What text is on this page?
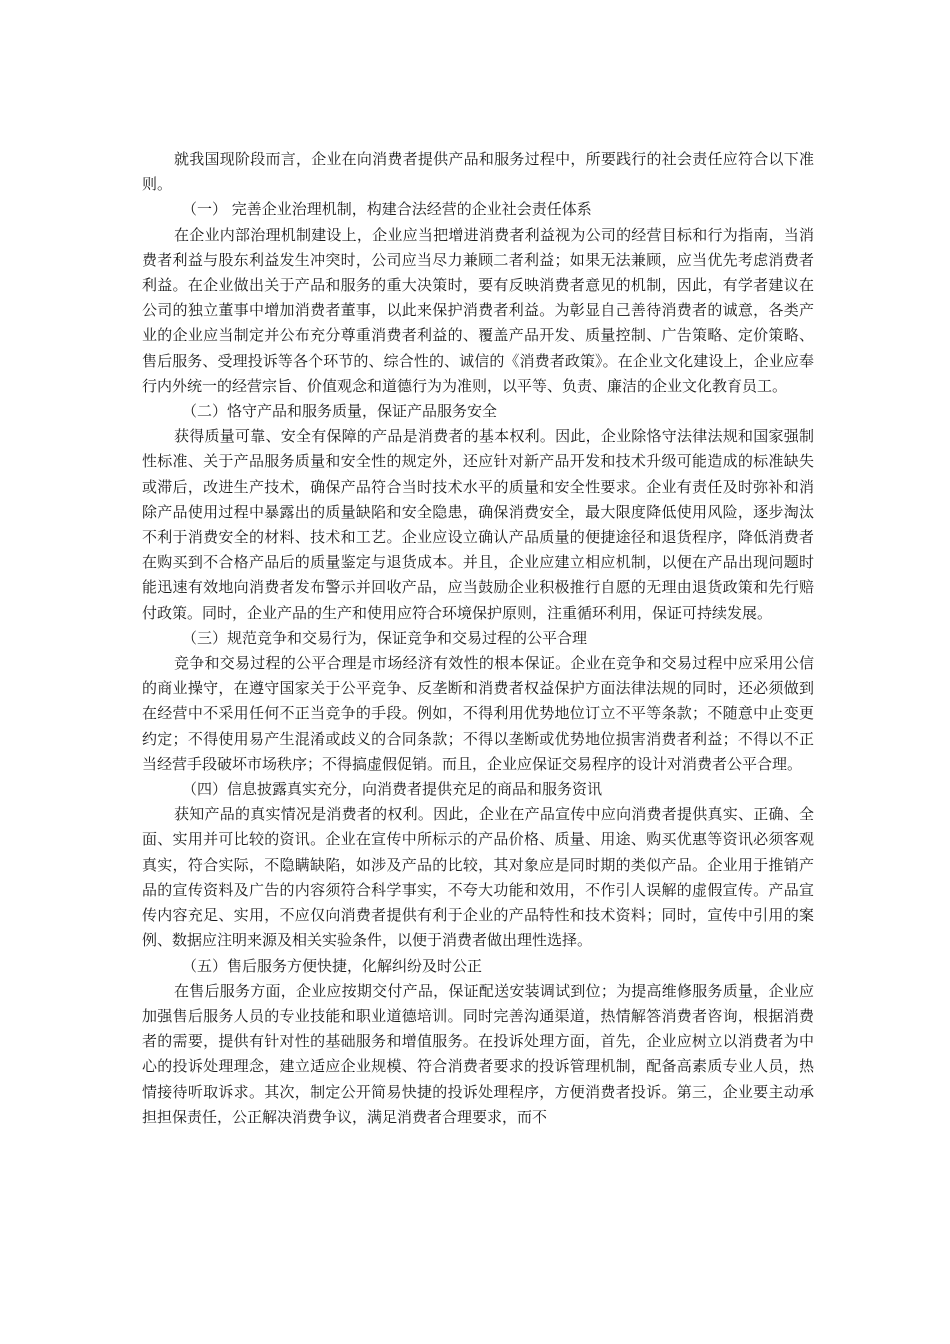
就我国现阶段而言，企业在向消费者提供产品和服务过程中，所要践行的社会责任应符合以下准则。

（一） 完善企业治理机制，构建合法经营的企业社会责任体系

在企业内部治理机制建设上，企业应当把增进消费者利益视为公司的经营目标和行为指南，当消费者利益与股东利益发生冲突时，公司应当尽力兼顾二者利益；如果无法兼顾，应当优先考虑消费者利益。在企业做出关于产品和服务的重大决策时，要有反映消费者意见的机制，因此，有学者建议在公司的独立董事中增加消费者董事，以此来保护消费者利益。为彰显自己善待消费者的诚意，各类产业的企业应当制定并公布充分尊重消费者利益的、覆盖产品开发、质量控制、广告策略、定价策略、售后服务、受理投诉等各个环节的、综合性的、诚信的《消费者政策》。在企业文化建设上，企业应奉行内外统一的经营宗旨、价值观念和道德行为为准则，以平等、负责、廉洁的企业文化教育员工。

（二）恪守产品和服务质量，保证产品服务安全

获得质量可靠、安全有保障的产品是消费者的基本权利。因此，企业除恪守法律法规和国家强制性标准、关于产品服务质量和安全性的规定外，还应针对新产品开发和技术升级可能造成的标准缺失或滞后，改进生产技术，确保产品符合当时技术水平的质量和安全性要求。企业有责任及时弥补和消除产品使用过程中暴露出的质量缺陷和安全隐患，确保消费安全，最大限度降低使用风险，逐步淘汰不利于消费安全的材料、技术和工艺。企业应设立确认产品质量的便捷途径和退货程序，降低消费者在购买到不合格产品后的质量鉴定与退货成本。并且，企业应建立相应机制，以便在产品出现问题时能迅速有效地向消费者发布警示并回收产品，应当鼓励企业积极推行自愿的无理由退货政策和先行赔付政策。同时，企业产品的生产和使用应符合环境保护原则，注重循环利用，保证可持续发展。

（三）规范竞争和交易行为，保证竞争和交易过程的公平合理

竞争和交易过程的公平合理是市场经济有效性的根本保证。企业在竞争和交易过程中应采用公信的商业操守，在遵守国家关于公平竞争、反垄断和消费者权益保护方面法律法规的同时，还必须做到在经营中不采用任何不正当竞争的手段。例如，不得利用优势地位订立不平等条款；不随意中止变更约定；不得使用易产生混淆或歧义的合同条款；不得以垄断或优势地位损害消费者利益；不得以不正当经营手段破坏市场秩序；不得搞虚假促销。而且，企业应保证交易程序的设计对消费者公平合理。

（四）信息披露真实充分，向消费者提供充足的商品和服务资讯

获知产品的真实情况是消费者的权利。因此，企业在产品宣传中应向消费者提供真实、正确、全面、实用并可比较的资讯。企业在宣传中所标示的产品价格、质量、用途、购买优惠等资讯必须客观真实，符合实际，不隐瞒缺陷，如涉及产品的比较，其对象应是同时期的类似产品。企业用于推销产品的宣传资料及广告的内容须符合科学事实，不夸大功能和效用，不作引人误解的虚假宣传。产品宣传内容充足、实用，不应仅向消费者提供有利于企业的产品特性和技术资料；同时，宣传中引用的案例、数据应注明来源及相关实验条件，以便于消费者做出理性选择。

（五）售后服务方便快捷，化解纠纷及时公正

在售后服务方面，企业应按期交付产品，保证配送安装调试到位；为提高维修服务质量，企业应加强售后服务人员的专业技能和职业道德培训。同时完善沟通渠道，热情解答消费者咨询，根据消费者的需要，提供有针对性的基础服务和增值服务。在投诉处理方面，首先，企业应树立以消费者为中心的投诉处理理念，建立适应企业规模、符合消费者要求的投诉管理机制，配备高素质专业人员，热情接待听取诉求。其次，制定公开简易快捷的投诉处理程序，方便消费者投诉。第三，企业要主动承担担保责任，公正解决消费争议，满足消费者合理要求，而不
